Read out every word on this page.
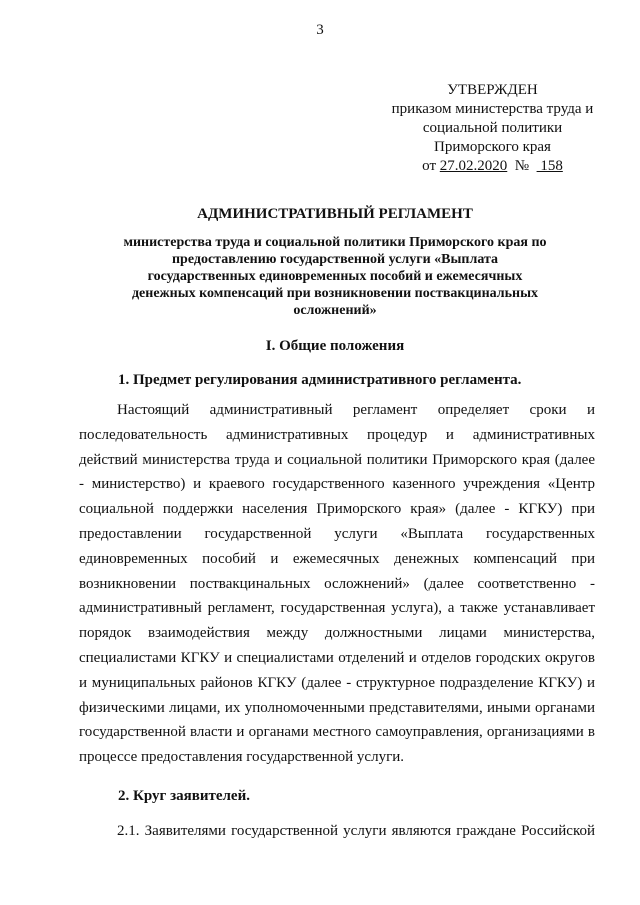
3
УТВЕРЖДЕН
приказом министерства труда и
социальной политики
Приморского края
от 27.02.2020  №   158
АДМИНИСТРАТИВНЫЙ РЕГЛАМЕНТ
министерства труда и социальной политики Приморского края по предоставлению государственной услуги «Выплата государственных единовременных пособий и ежемесячных денежных компенсаций при возникновении поствакцинальных осложнений»
I. Общие положения
1. Предмет регулирования административного регламента.
Настоящий административный регламент определяет сроки и последовательность административных процедур и административных действий министерства труда и социальной политики Приморского края (далее - министерство) и краевого государственного казенного учреждения «Центр социальной поддержки населения Приморского края» (далее - КГКУ) при предоставлении государственной услуги «Выплата государственных единовременных пособий и ежемесячных денежных компенсаций при возникновении поствакцинальных осложнений» (далее соответственно - административный регламент, государственная услуга), а также устанавливает порядок взаимодействия между должностными лицами министерства, специалистами КГКУ и специалистами отделений и отделов городских округов и муниципальных районов КГКУ (далее - структурное подразделение КГКУ) и физическими лицами, их уполномоченными представителями, иными органами государственной власти и органами местного самоуправления, организациями в процессе предоставления государственной услуги.
2. Круг заявителей.
2.1. Заявителями государственной услуги являются граждане Российской
